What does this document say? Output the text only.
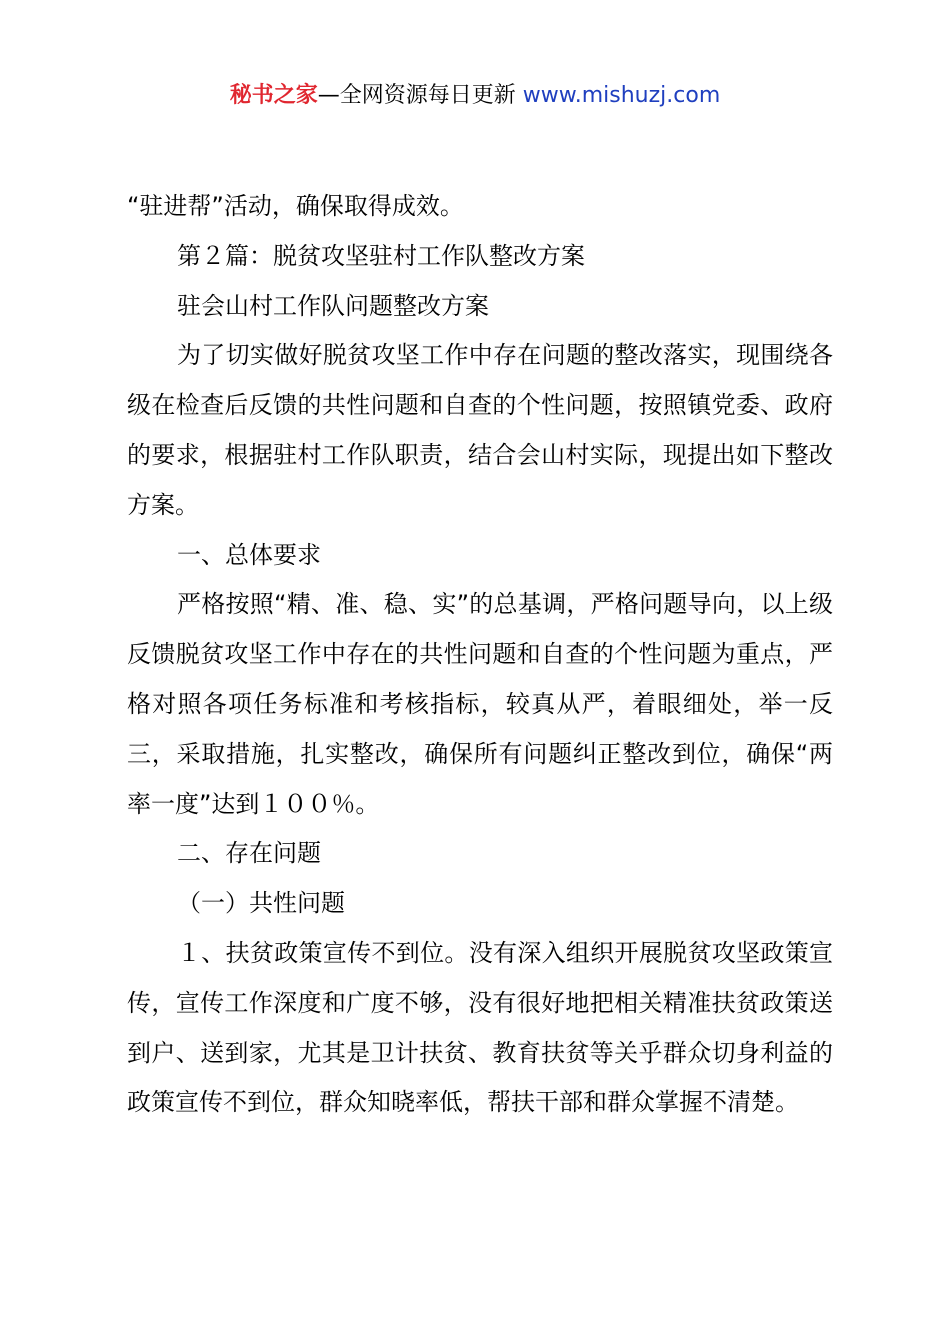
秘书之家—全网资源每日更新 www.mishuzj.com

“驻进帮”活动，确保取得成效。

第２篇：脱贫攻坚驻村工作队整改方案

驻会山村工作队问题整改方案

为了切实做好脱贫攻坚工作中存在问题的整改落实，现围绕各级在检查后反馈的共性问题和自查的个性问题，按照镇党委、政府的要求，根据驻村工作队职责，结合会山村实际，现提出如下整改方案。

一、总体要求

严格按照“精、准、稳、实”的总基调，严格问题导向，以上级反馈脱贫攻坚工作中存在的共性问题和自查的个性问题为重点，严格对照各项任务标准和考核指标，较真从严，着眼细处，举一反三，采取措施，扎实整改，确保所有问题纠正整改到位，确保“两率一度”达到１００％。

二、存在问题

（一）共性问题

１、扶贫政策宣传不到位。没有深入组织开展脱贫攻坚政策宣传，宣传工作深度和广度不够，没有很好地把相关精准扶贫政策送到户、送到家，尤其是卫计扶贫、教育扶贫等关乎群众切身利益的政策宣传不到位，群众知晓率低，帮扶干部和群众掌握不清楚。
